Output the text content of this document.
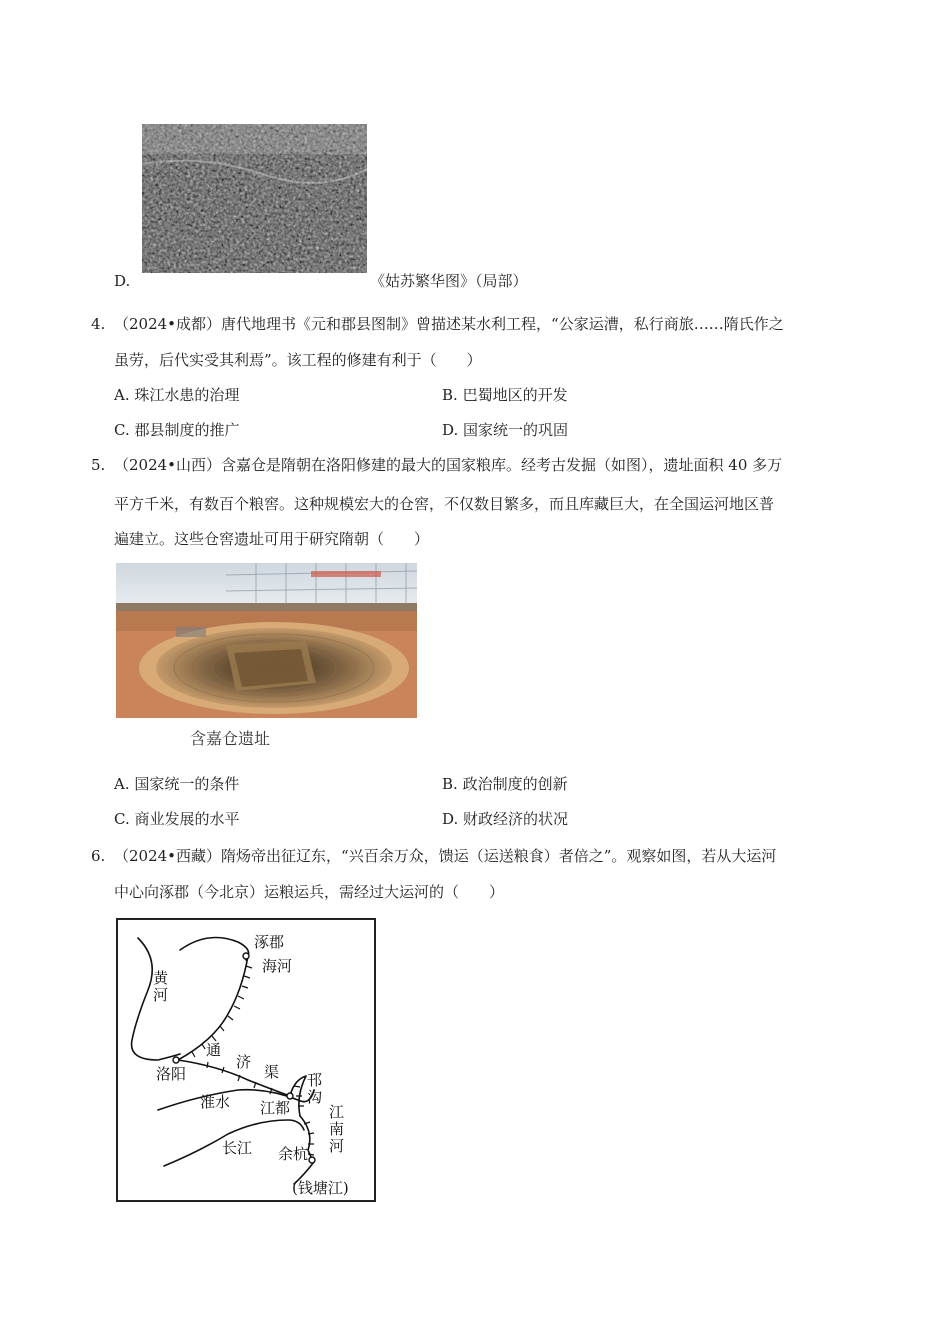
D.	《姑苏繁华图》（局部）
4. （2024•成都）唐代地理书《元和郡县图制》曾描述某水利工程，“公家运漕，私行商旅……隋氏作之
虽劳，后代实受其利焉”。该工程的修建有利于（　　）
A. 珠江水患的治理	B. 巴蜀地区的开发
C. 郡县制度的推广	D. 国家统一的巩固
5. （2024•山西）含嘉仓是隋朝在洛阳修建的最大的国家粮库。经考古发掘（如图），遗址面积 40 多万
平方千米，有数百个粮窖。这种规模宏大的仓窖，不仅数目繁多，而且库藏巨大，在全国运河地区普
遍建立。这些仓窖遗址可用于研究隋朝（　　）
含嘉仓遗址
A. 国家统一的条件	B. 政治制度的创新
C. 商业发展的水平	D. 财政经济的状况
6. （2024•西藏）隋炀帝出征辽东，“兴百余万众，馈运（运送粮食）者倍之”。观察如图，若从大运河
中心向涿郡（今北京）运粮运兵，需经过大运河的（　　）
涿郡
海河
黄河
洛阳
通
济
渠 邗沟
淮水 江都	江南河
长江 余杭
(钱塘江)
